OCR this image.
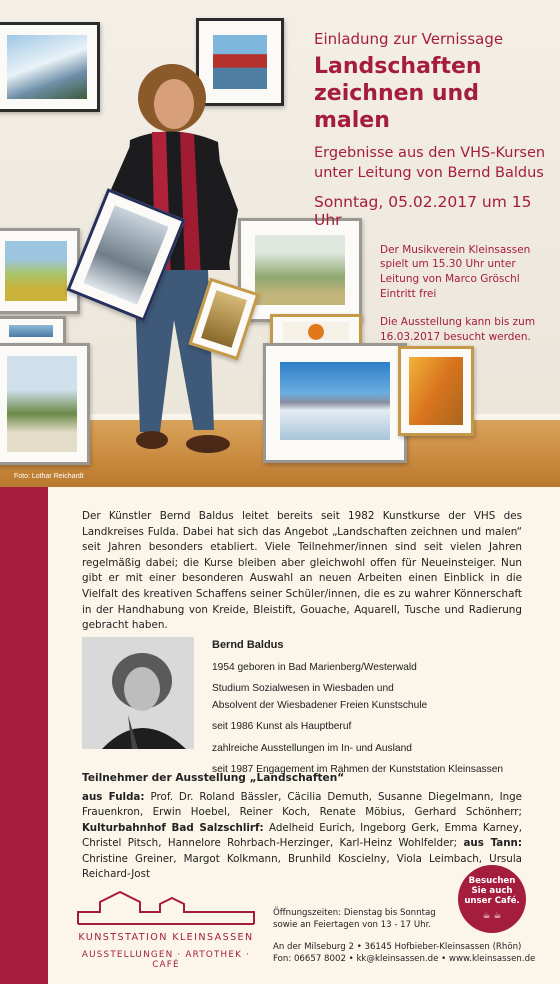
Foto: Lothar Reichardt
Einladung zur Vernissage
Landschaften
zeichnen und malen
Ergebnisse aus den VHS-Kursen
unter Leitung von Bernd Baldus
Sonntag, 05.02.2017 um 15 Uhr
Der Musikverein Kleinsassen
spielt um 15.30 Uhr unter
Leitung von Marco Gröschl
Eintritt frei
Die Ausstellung kann bis zum
16.03.2017 besucht werden.

Der Künstler Bernd Baldus leitet bereits seit 1982 Kunstkurse der VHS des Landkreises Fulda. Dabei hat sich das Angebot „Landschaften zeichnen und malen“ seit Jahren besonders etabliert. Viele Teilnehmer/innen sind seit vielen Jahren regelmäßig dabei; die Kurse bleiben aber gleichwohl offen für Neueinsteiger. Nun gibt er mit einer besonderen Auswahl an neuen Arbeiten einen Einblick in die Vielfalt des kreativen Schaffens seiner Schüler/innen, die es zu wahrer Könnerschaft in der Handhabung von Kreide, Bleistift, Gouache, Aquarell, Tusche und Radierung gebracht haben.

Bernd Baldus
1954 geboren in Bad Marienberg/Westerwald
Studium Sozialwesen in Wiesbaden und
Absolvent der Wiesbadener Freien Kunstschule
seit 1986 Kunst als Hauptberuf
zahlreiche Ausstellungen im In- und Ausland
seit 1987 Engagement im Rahmen der Kunststation Kleinsassen
Teilnehmer der Ausstellung „Landschaften“
aus Fulda: Prof. Dr. Roland Bässler, Cäcilia Demuth, Susanne Diegelmann, Inge Frauenkron, Erwin Hoebel, Reiner Koch, Renate Möbius, Gerhard Schönherr; Kulturbahnhof Bad Salzschlirf: Adelheid Eurich, Ingeborg Gerk, Emma Karney, Christel Pitsch, Hannelore Rohrbach-Herzinger, Karl-Heinz Wohlfelder; aus Tann: Christine Greiner, Margot Kolkmann, Brunhild Koscielny, Viola Leimbach, Ursula Reichard-Jost
Besuchen
Sie auch
unser Café.
☕ ☕
KUNSTSTATION KLEINSASSEN
AUSSTELLUNGEN · ARTOTHEK · CAFÉ
Öffnungszeiten: Dienstag bis Sonntag
sowie an Feiertagen von 13 - 17 Uhr.
An der Milseburg 2 • 36145 Hofbieber-Kleinsassen (Rhön)
Fon: 06657 8002 • kk@kleinsassen.de • www.kleinsassen.de
